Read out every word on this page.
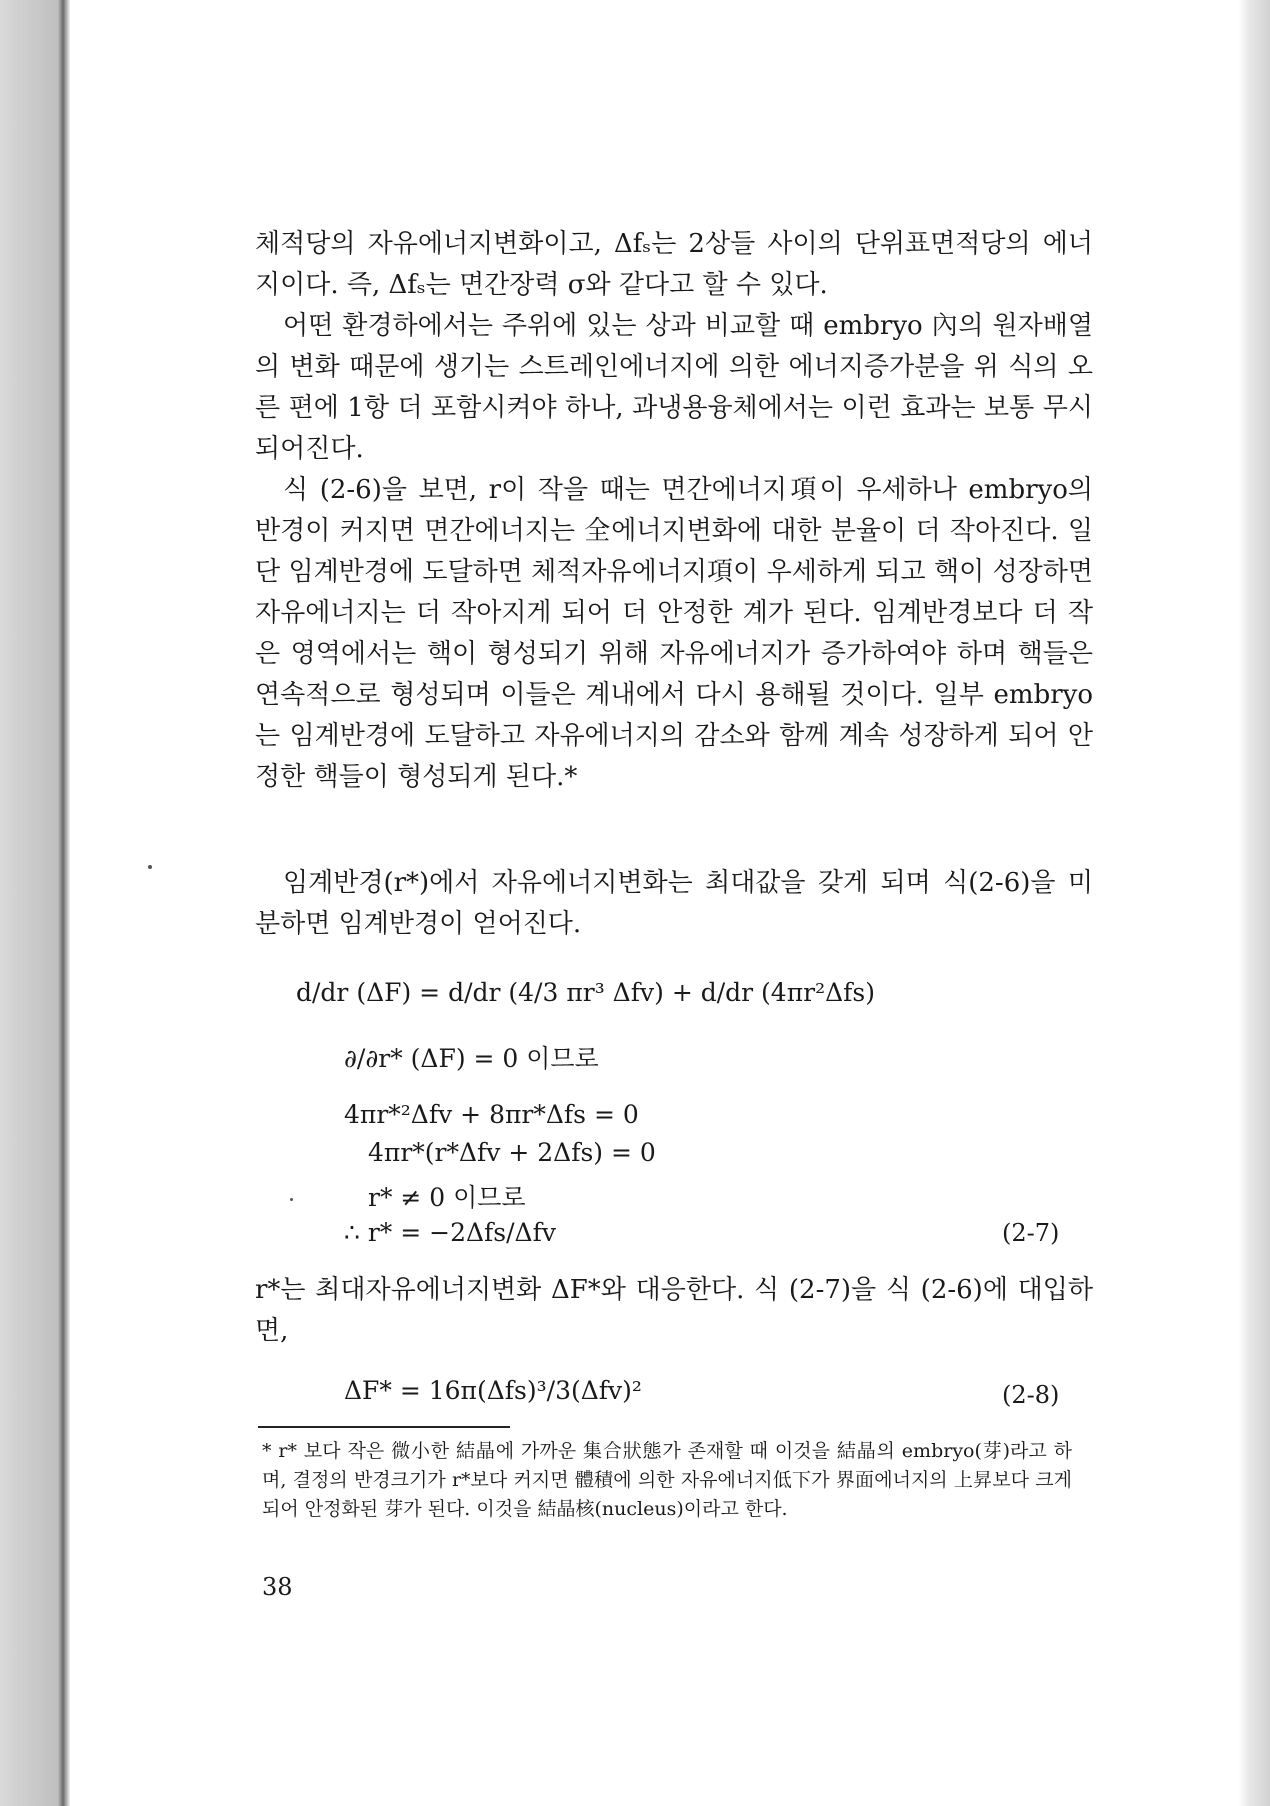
체적당의 자유에너지변화이고, Δfₛ는 2상들 사이의 단위표면적당의 에너지이다. 즉, Δfₛ는 면간장력 σ와 같다고 할 수 있다.

어떤 환경하에서는 주위에 있는 상과 비교할 때 embryo 內의 원자배열의 변화 때문에 생기는 스트레인에너지에 의한 에너지증가분을 위 식의 오른 편에 1항 더 포함시켜야 하나, 과냉용융체에서는 이런 효과는 보통 무시되어진다.

식 (2-6)을 보면, r이 작을 때는 면간에너지項이 우세하나 embryo의 반경이 커지면 면간에너지는 全에너지변화에 대한 분율이 더 작아진다. 일단 임계반경에 도달하면 체적자유에너지項이 우세하게 되고 핵이 성장하면 자유에너지는 더 작아지게 되어 더 안정한 계가 된다. 임계반경보다 더 작은 영역에서는 핵이 형성되기 위해 자유에너지가 증가하여야 하며 핵들은 연속적으로 형성되며 이들은 계내에서 다시 용해될 것이다. 일부 embryo는 임계반경에 도달하고 자유에너지의 감소와 함께 계속 성장하게 되어 안정한 핵들이 형성되게 된다.*

임계반경(r*)에서 자유에너지변화는 최대값을 갖게 되며 식(2-6)을 미분하면 임계반경이 얻어진다.

d/dr (ΔF) = d/dr (4/3 πr³ Δfv) + d/dr (4πr²Δfs)
∂/∂r* (ΔF) = 0 이므로
4πr*²Δfv + 8πr*Δfs = 0
4πr*(r*Δfv + 2Δfs) = 0
r* ≠ 0 이므로
∴ r* = −2Δfs/Δfv	(2-7)

r*는 최대자유에너지변화 ΔF*와 대응한다. 식 (2-7)을 식 (2-6)에 대입하면,

ΔF* = 16π(Δfs)³/3(Δfv)²	(2-8)

* r* 보다 작은 微小한 結晶에 가까운 集合狀態가 존재할 때 이것을 結晶의 embryo(芽)라고 하며, 결정의 반경크기가 r*보다 커지면 體積에 의한 자유에너지低下가 界面에너지의 上昇보다 크게 되어 안정화된 芽가 된다. 이것을 結晶核(nucleus)이라고 한다.

38
